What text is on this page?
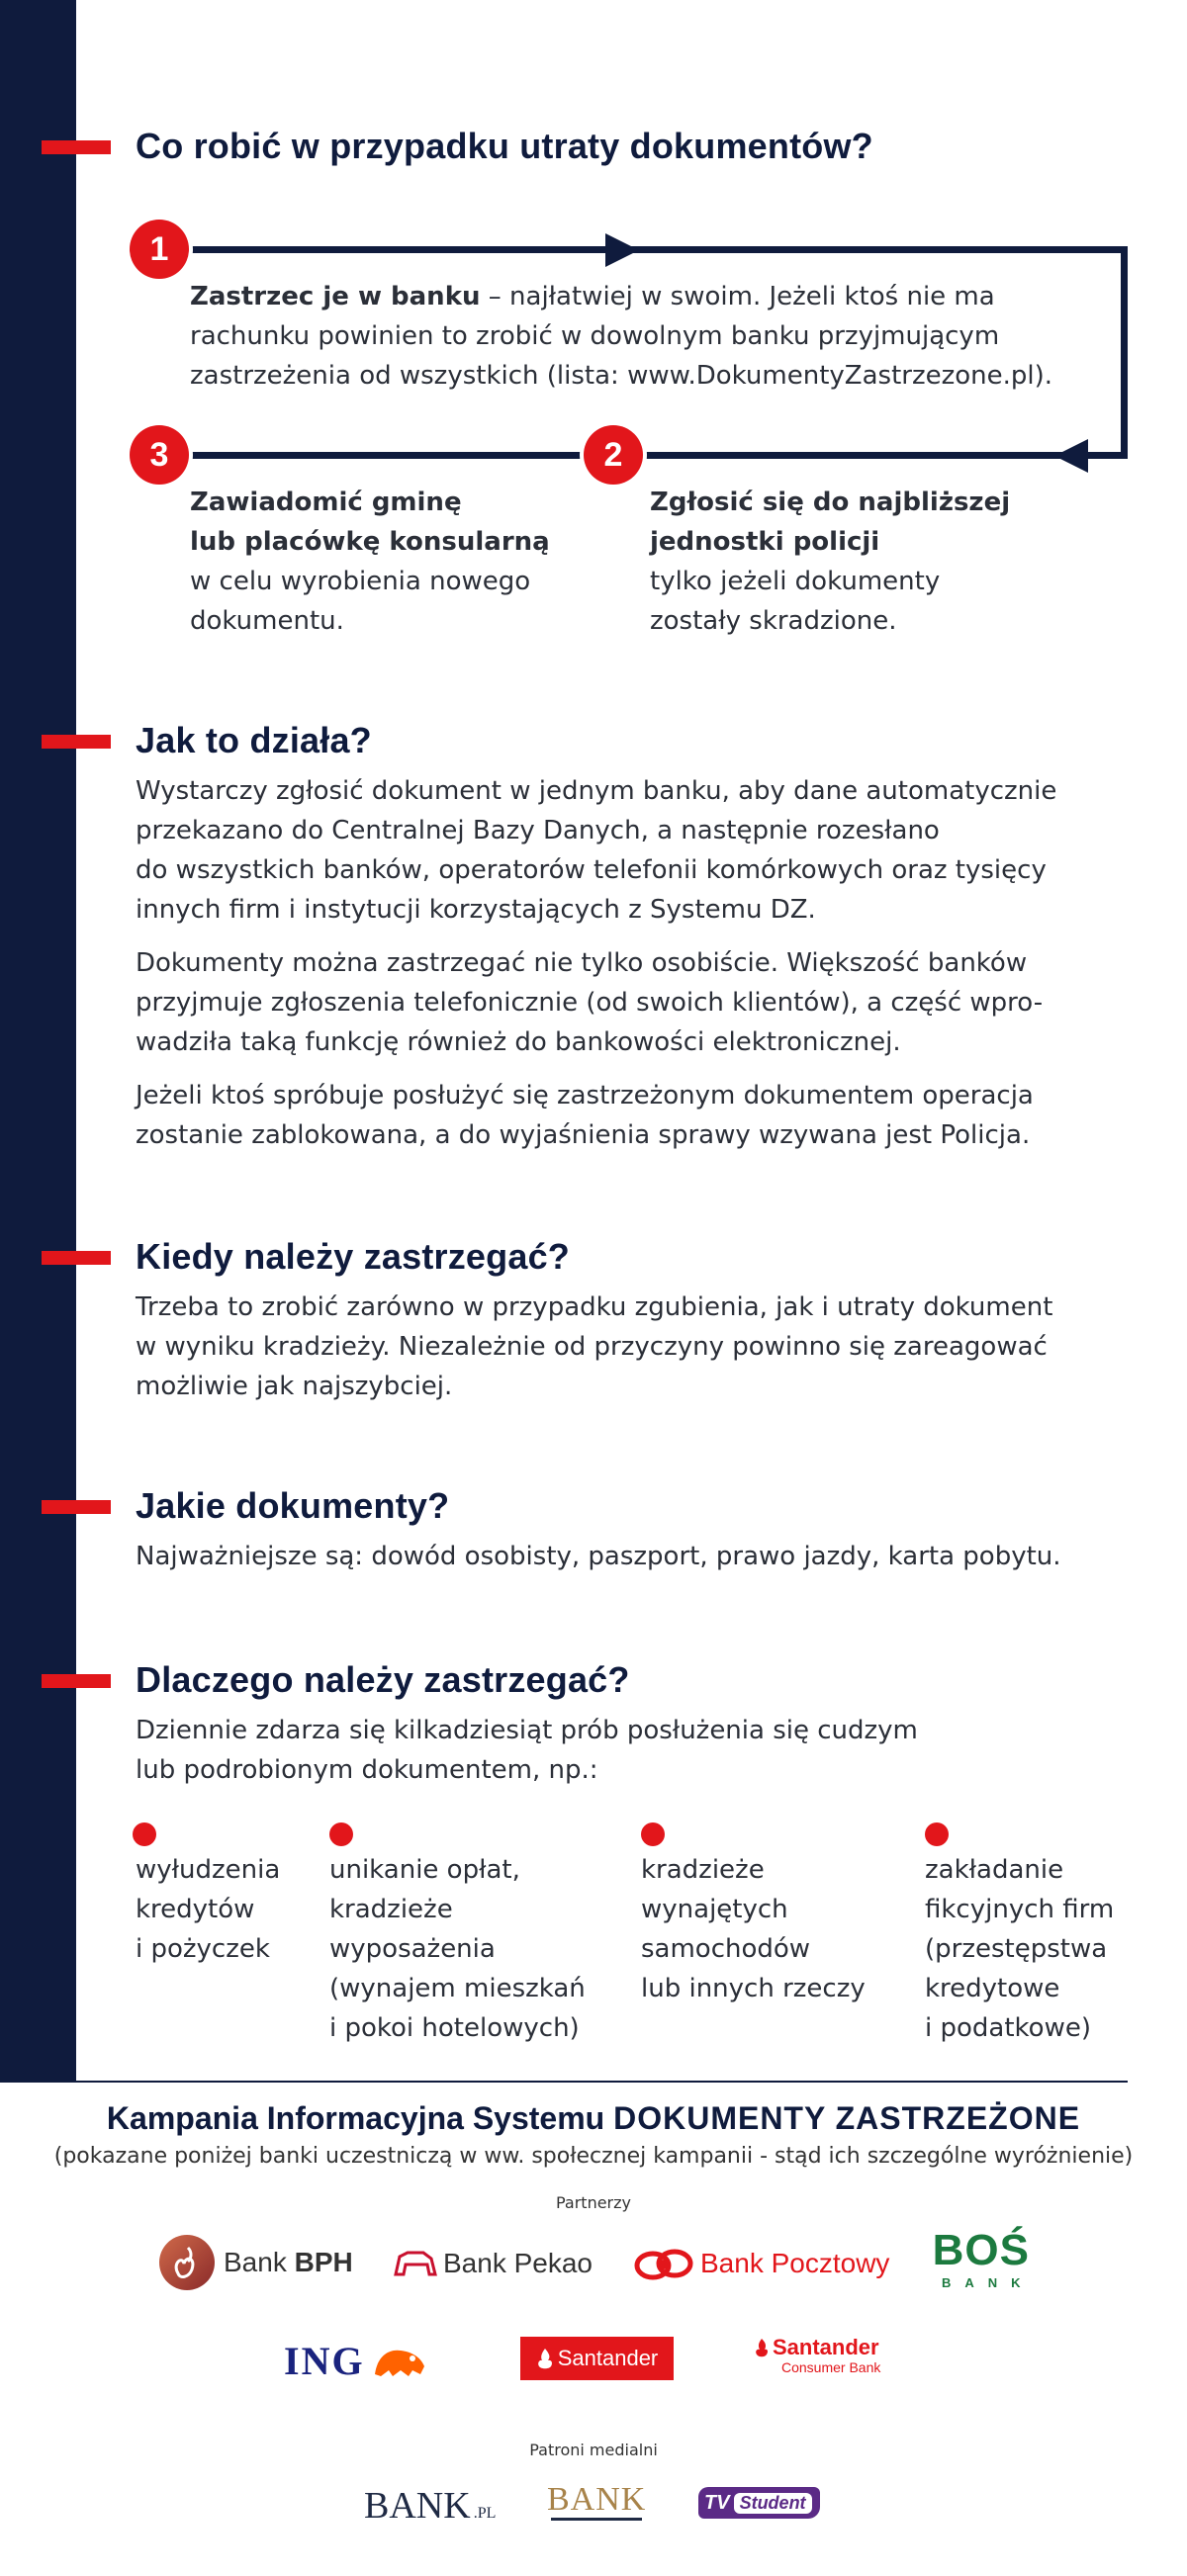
Co robić w przypadku utraty dokumentów?
1
2
3
Zastrzec je w banku – najłatwiej w swoim. Jeżeli ktoś nie ma
rachunku powinien to zrobić w dowolnym banku przyjmującym
zastrzeżenia od wszystkich (lista: www.DokumentyZastrzezone.pl).
Zawiadomić gminę
lub placówkę konsularną
w celu wyrobienia nowego
dokumentu.
Zgłosić się do najbliższej
jednostki policji
tylko jeżeli dokumenty
zostały skradzione.
Jak to działa?
Wystarczy zgłosić dokument w jednym banku, aby dane automatycznie
przekazano do Centralnej Bazy Danych, a następnie rozesłano
do wszystkich banków, operatorów telefonii komórkowych oraz tysięcy
innych firm i instytucji korzystających z Systemu DZ.
Dokumenty można zastrzegać nie tylko osobiście. Większość banków
przyjmuje zgłoszenia telefonicznie (od swoich klientów), a część wpro-
wadziła taką funkcję również do bankowości elektronicznej.
Jeżeli ktoś spróbuje posłużyć się zastrzeżonym dokumentem operacja
zostanie zablokowana, a do wyjaśnienia sprawy wzywana jest Policja.
Kiedy należy zastrzegać?
Trzeba to zrobić zarówno w przypadku zgubienia, jak i utraty dokument
w wyniku kradzieży. Niezależnie od przyczyny powinno się zareagować
możliwie jak najszybciej.
Jakie dokumenty?
Najważniejsze są: dowód osobisty, paszport, prawo jazdy, karta pobytu.
Dlaczego należy zastrzegać?
Dziennie zdarza się kilkadziesiąt prób posłużenia się cudzym
lub podrobionym dokumentem, np.:
wyłudzenia
kredytów
i pożyczek
unikanie opłat,
kradzieże
wyposażenia
(wynajem mieszkań
i pokoi hotelowych)
kradzieże
wynajętych
samochodów
lub innych rzeczy
zakładanie
fikcyjnych firm
(przestępstwa
kredytowe
i podatkowe)
Kampania Informacyjna Systemu DOKUMENTY ZASTRZEŻONE

(pokazane poniżej banki uczestniczą w ww. społecznej kampanii - stąd ich szczególne wyróżnienie)

Partnerzy

Bank BPH	Bank Pekao	Bank Pocztowy BOŚ
BANK
ING	Santander	Santander
Consumer Bank

Patroni medialni

BANK .PL BANK	TV Student
